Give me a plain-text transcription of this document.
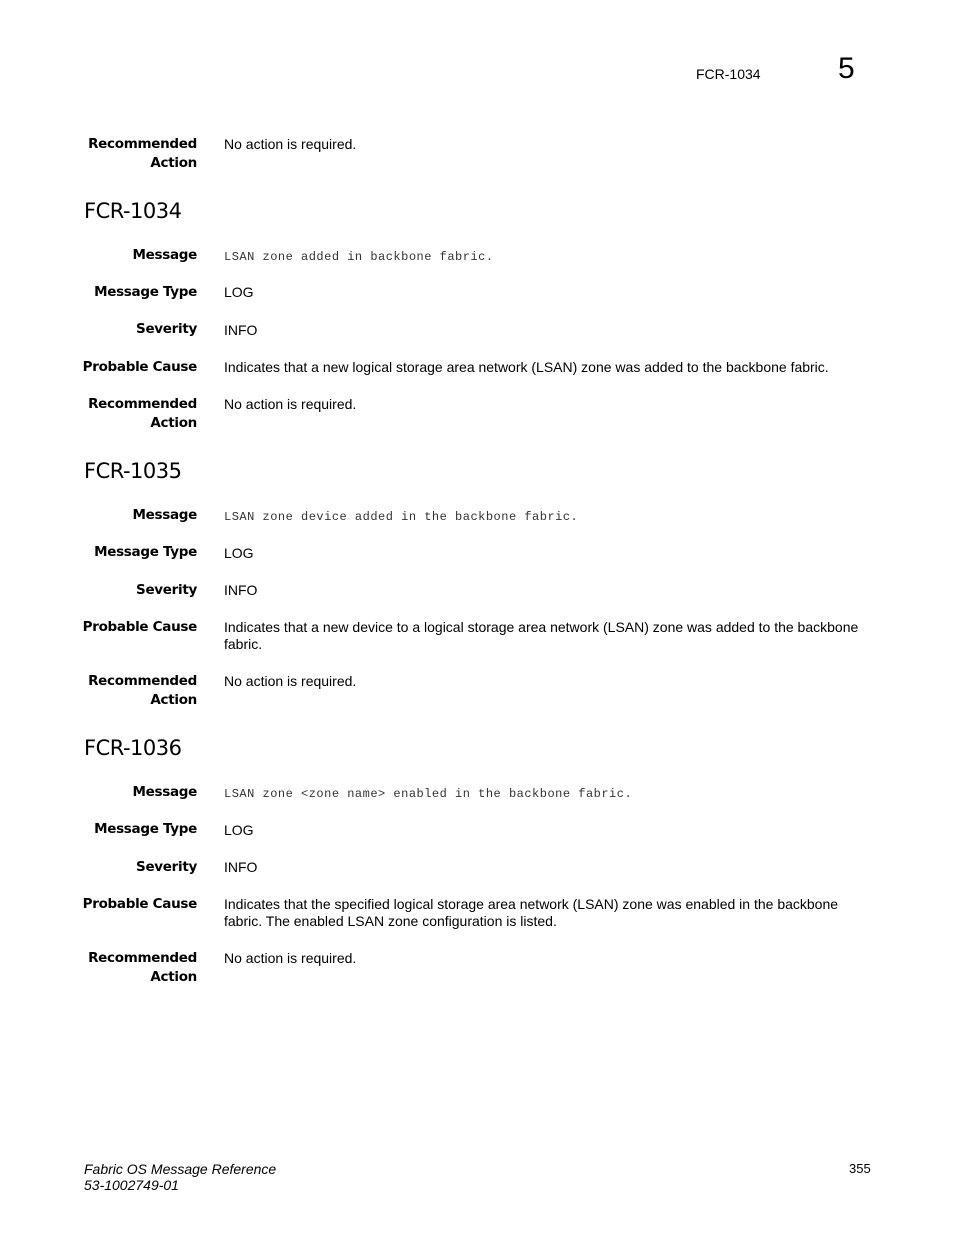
FCR-1034	5
Recommended
Action
No action is required.
FCR-1034
Message LSAN zone added in backbone fabric.
Message Type LOG
Severity INFO
Probable Cause Indicates that a new logical storage area network (LSAN) zone was added to the backbone fabric.
Recommended
Action
No action is required.
FCR-1035
Message LSAN zone device added in the backbone fabric.
Message Type LOG
Severity INFO
Probable Cause Indicates that a new device to a logical storage area network (LSAN) zone was added to the backbone fabric.
Recommended
Action
No action is required.
FCR-1036
Message LSAN zone <zone name> enabled in the backbone fabric.
Message Type LOG
Severity INFO
Probable Cause Indicates that the specified logical storage area network (LSAN) zone was enabled in the backbone fabric. The enabled LSAN zone configuration is listed.
Recommended
Action
No action is required.
Fabric OS Message Reference
53-1002749-01
355
